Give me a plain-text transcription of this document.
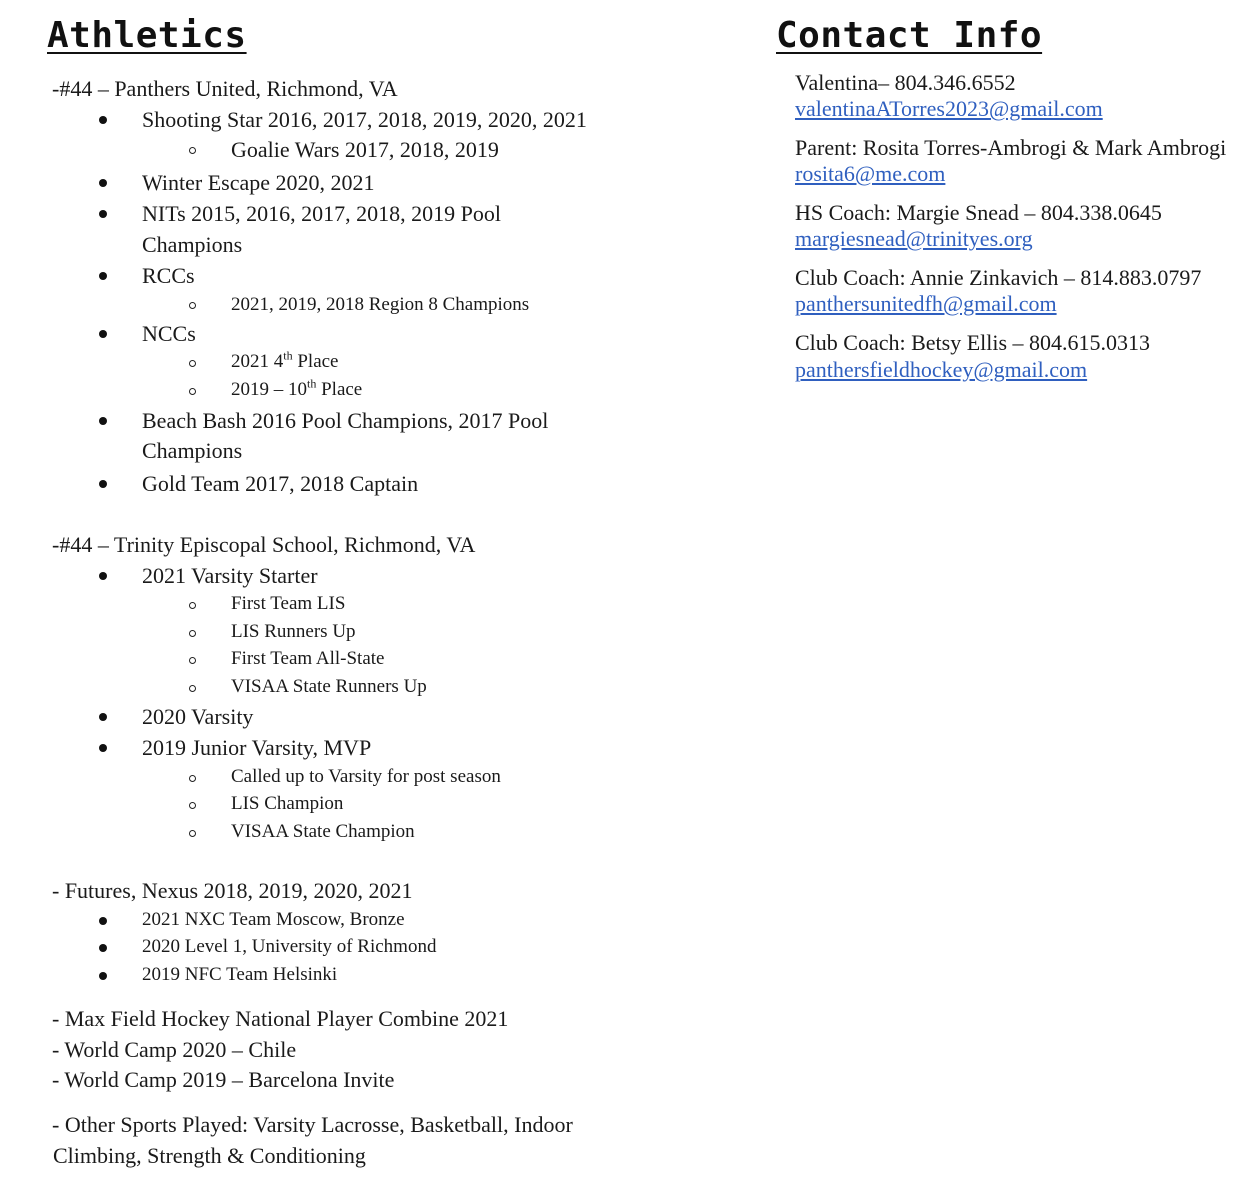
Athletics
-#44 – Panthers United, Richmond, VA
Shooting Star 2016, 2017, 2018, 2019, 2020, 2021
Goalie Wars 2017, 2018, 2019
Winter Escape 2020, 2021
NITs 2015, 2016, 2017, 2018, 2019 Pool
Champions
RCCs
2021, 2019, 2018 Region 8 Champions
NCCs
2021 4th Place
2019 – 10th Place
Beach Bash 2016 Pool Champions, 2017 Pool
Champions
Gold Team 2017, 2018 Captain
-#44 – Trinity Episcopal School, Richmond, VA
2021 Varsity Starter
First Team LIS
LIS Runners Up
First Team All-State
VISAA State Runners Up
2020 Varsity
2019 Junior Varsity, MVP
Called up to Varsity for post season
LIS Champion
VISAA State Champion
- Futures, Nexus 2018, 2019, 2020, 2021
2021 NXC Team Moscow, Bronze
2020 Level 1, University of Richmond
2019 NFC Team Helsinki
- Max Field Hockey National Player Combine 2021
- World Camp 2020 – Chile
- World Camp 2019 – Barcelona Invite
- Other Sports Played: Varsity Lacrosse, Basketball, Indoor
Climbing, Strength & Conditioning
Contact Info
Valentina– 804.346.6552
valentinaATorres2023@gmail.com
Parent: Rosita Torres-Ambrogi & Mark Ambrogi
rosita6@me.com
HS Coach: Margie Snead – 804.338.0645
margiesnead@trinityes.org
Club Coach: Annie Zinkavich – 814.883.0797
panthersunitedfh@gmail.com
Club Coach: Betsy Ellis – 804.615.0313
panthersfieldhockey@gmail.com
